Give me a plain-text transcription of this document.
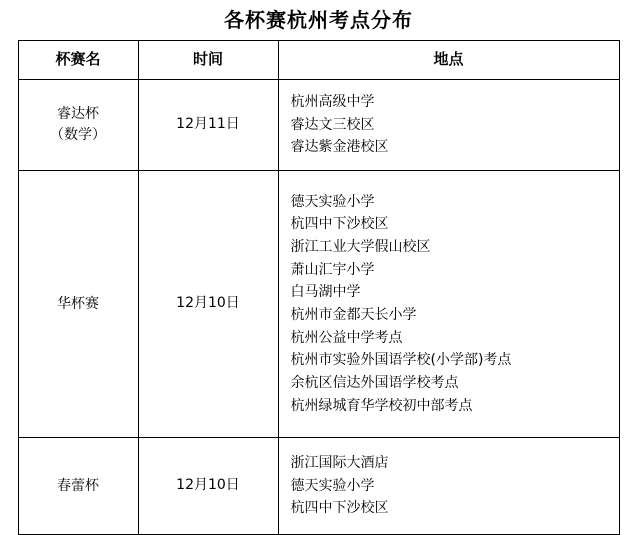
各杯赛杭州考点分布
杯赛名	时间	地点

睿达杯
（数学）	12月11日	杭州高级中学
睿达文三校区
睿达紫金港校区

华杯赛	12月10日	
德天实验小学
杭四中下沙校区
浙江工业大学假山校区
萧山汇宇小学
白马湖中学
杭州市金都天长小学
杭州公益中学考点
杭州市实验外国语学校(小学部)考点
余杭区信达外国语学校考点
杭州绿城育华学校初中部考点

春蕾杯	12月10日	浙江国际大酒店
德天实验小学
杭四中下沙校区
